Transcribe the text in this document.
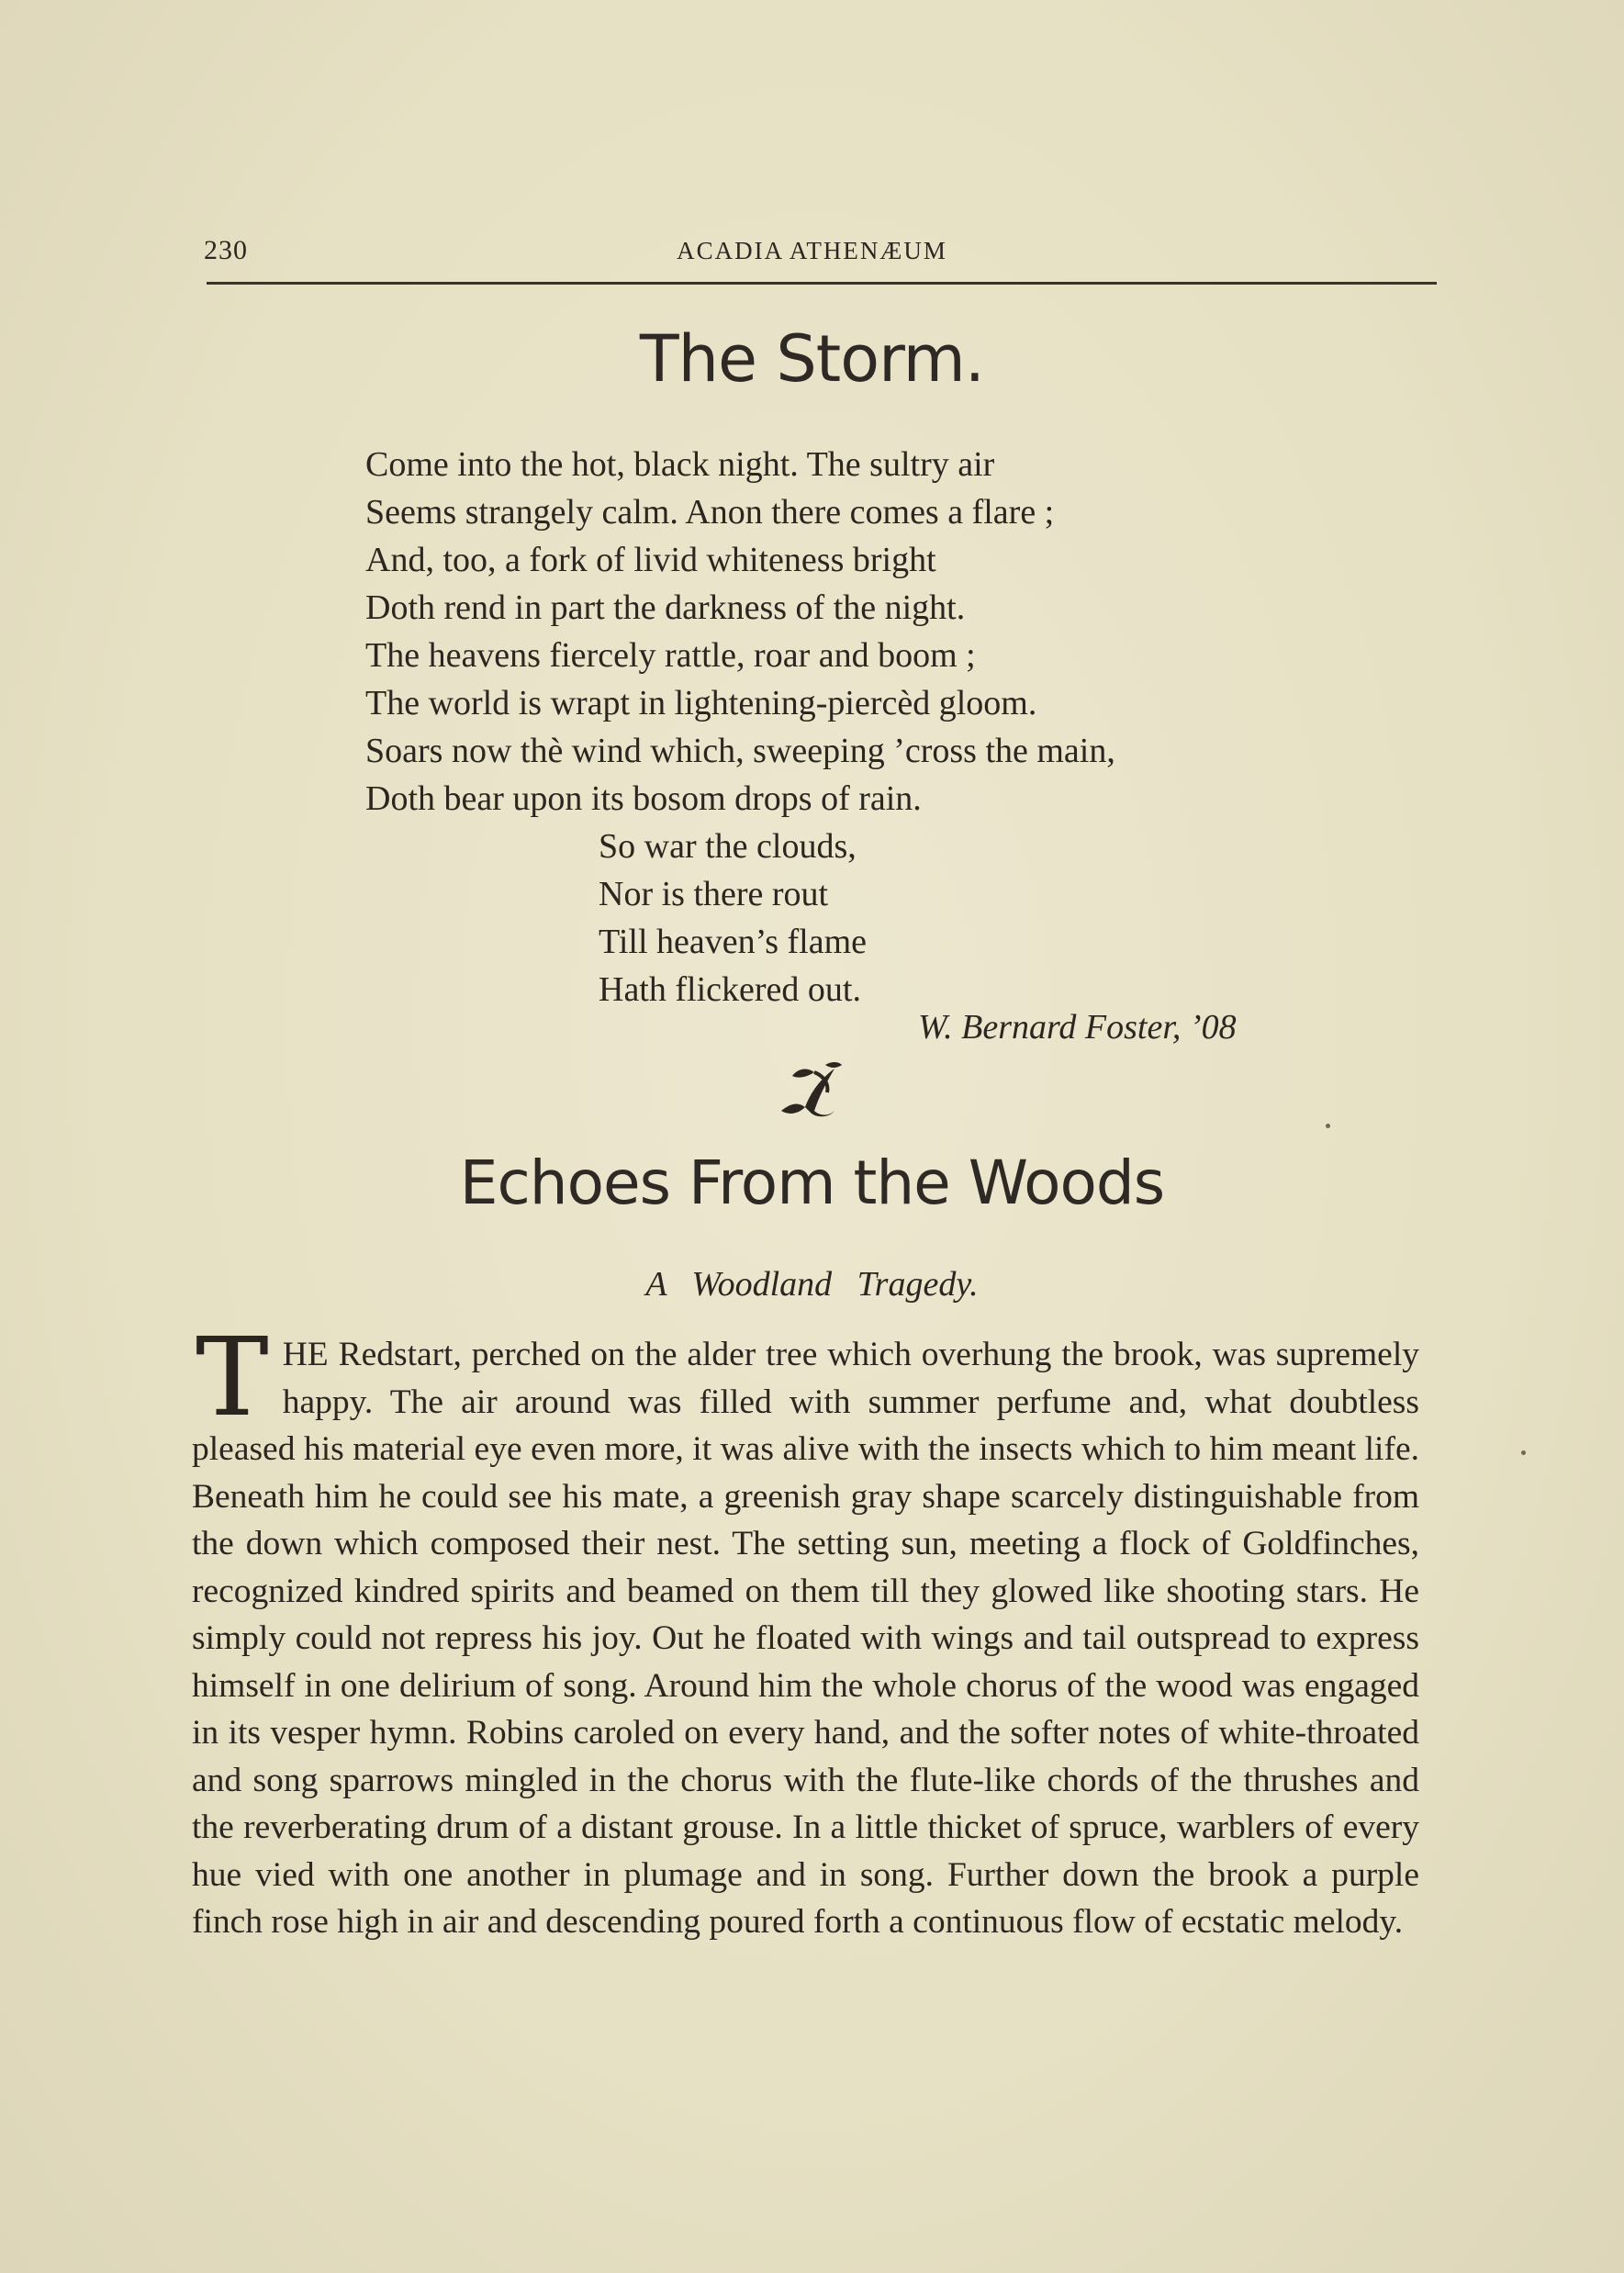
230	ACADIA ATHENÆUM
The Storm.
Come into the hot, black night. The sultry air
Seems strangely calm. Anon there comes a flare ;
And, too, a fork of livid whiteness bright
Doth rend in part the darkness of the night.
The heavens fiercely rattle, roar and boom ;
The world is wrapt in lightening-piercèd gloom.
Soars now thè wind which, sweeping ’cross the main,
Doth bear upon its bosom drops of rain.
So war the clouds,
Nor is there rout
Till heaven’s flame
Hath flickered out.
W. Bernard Foster, ’08
Echoes From the Woods
A Woodland Tragedy.
T HE Redstart, perched on the alder tree which overhung the brook, was supremely happy. The air around was filled with summer perfume and, what doubtless pleased his material eye even more, it was alive with the insects which to him meant life. Beneath him he could see his mate, a greenish gray shape scarcely distinguishable from the down which composed their nest. The setting sun, meeting a flock of Goldfinches, recognized kindred spirits and beamed on them till they glowed like shooting stars. He simply could not repress his joy. Out he floated with wings and tail outspread to express himself in one delirium of song. Around him the whole chorus of the wood was engaged in its vesper hymn. Robins caroled on every hand, and the softer notes of white-throated and song sparrows mingled in the chorus with the flute-like chords of the thrushes and the reverberating drum of a distant grouse. In a little thicket of spruce, warblers of every hue vied with one another in plumage and in song. Further down the brook a purple finch rose high in air and descending poured forth a continuous flow of ecstatic melody.
